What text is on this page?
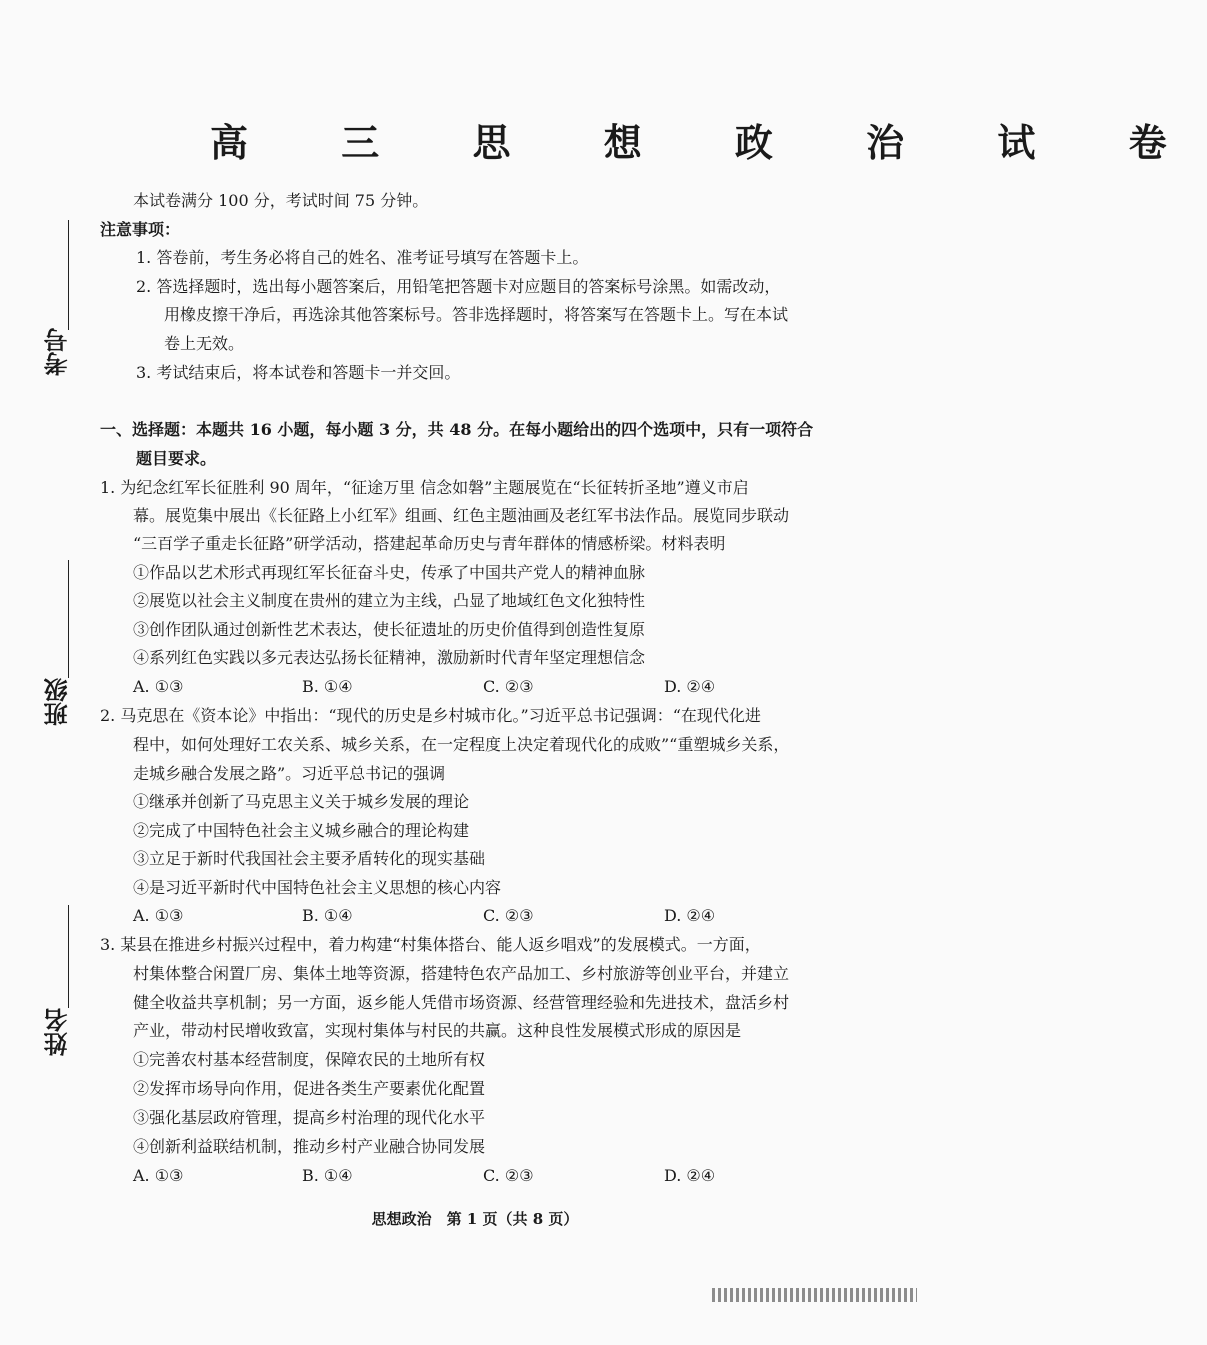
高 三 思 想 政 治 试 卷
考号
班级
姓名
本试卷满分 100 分，考试时间 75 分钟。
注意事项：
1. 答卷前，考生务必将自己的姓名、准考证号填写在答题卡上。
2. 答选择题时，选出每小题答案后，用铅笔把答题卡对应题目的答案标号涂黑。如需改动，
用橡皮擦干净后，再选涂其他答案标号。答非选择题时，将答案写在答题卡上。写在本试
卷上无效。
3. 考试结束后，将本试卷和答题卡一并交回。
一、选择题：本题共 16 小题，每小题 3 分，共 48 分。在每小题给出的四个选项中，只有一项符合
题目要求。
1. 为纪念红军长征胜利 90 周年，“征途万里 信念如磐”主题展览在“长征转折圣地”遵义市启
幕。展览集中展出《长征路上小红军》组画、红色主题油画及老红军书法作品。展览同步联动
“三百学子重走长征路”研学活动，搭建起革命历史与青年群体的情感桥梁。材料表明
①作品以艺术形式再现红军长征奋斗史，传承了中国共产党人的精神血脉
②展览以社会主义制度在贵州的建立为主线，凸显了地域红色文化独特性
③创作团队通过创新性艺术表达，使长征遗址的历史价值得到创造性复原
④系列红色实践以多元表达弘扬长征精神，激励新时代青年坚定理想信念
A. ①③	B. ①④	C. ②③	D. ②④
2. 马克思在《资本论》中指出：“现代的历史是乡村城市化。”习近平总书记强调：“在现代化进
程中，如何处理好工农关系、城乡关系，在一定程度上决定着现代化的成败”“重塑城乡关系，
走城乡融合发展之路”。习近平总书记的强调
①继承并创新了马克思主义关于城乡发展的理论
②完成了中国特色社会主义城乡融合的理论构建
③立足于新时代我国社会主要矛盾转化的现实基础
④是习近平新时代中国特色社会主义思想的核心内容
A. ①③	B. ①④	C. ②③	D. ②④
3. 某县在推进乡村振兴过程中，着力构建“村集体搭台、能人返乡唱戏”的发展模式。一方面，
村集体整合闲置厂房、集体土地等资源，搭建特色农产品加工、乡村旅游等创业平台，并建立
健全收益共享机制；另一方面，返乡能人凭借市场资源、经营管理经验和先进技术，盘活乡村
产业，带动村民增收致富，实现村集体与村民的共赢。这种良性发展模式形成的原因是
①完善农村基本经营制度，保障农民的土地所有权
②发挥市场导向作用，促进各类生产要素优化配置
③强化基层政府管理，提高乡村治理的现代化水平
④创新利益联结机制，推动乡村产业融合协同发展
A. ①③	B. ①④	C. ②③	D. ②④
思想政治　第 1 页（共 8 页）
